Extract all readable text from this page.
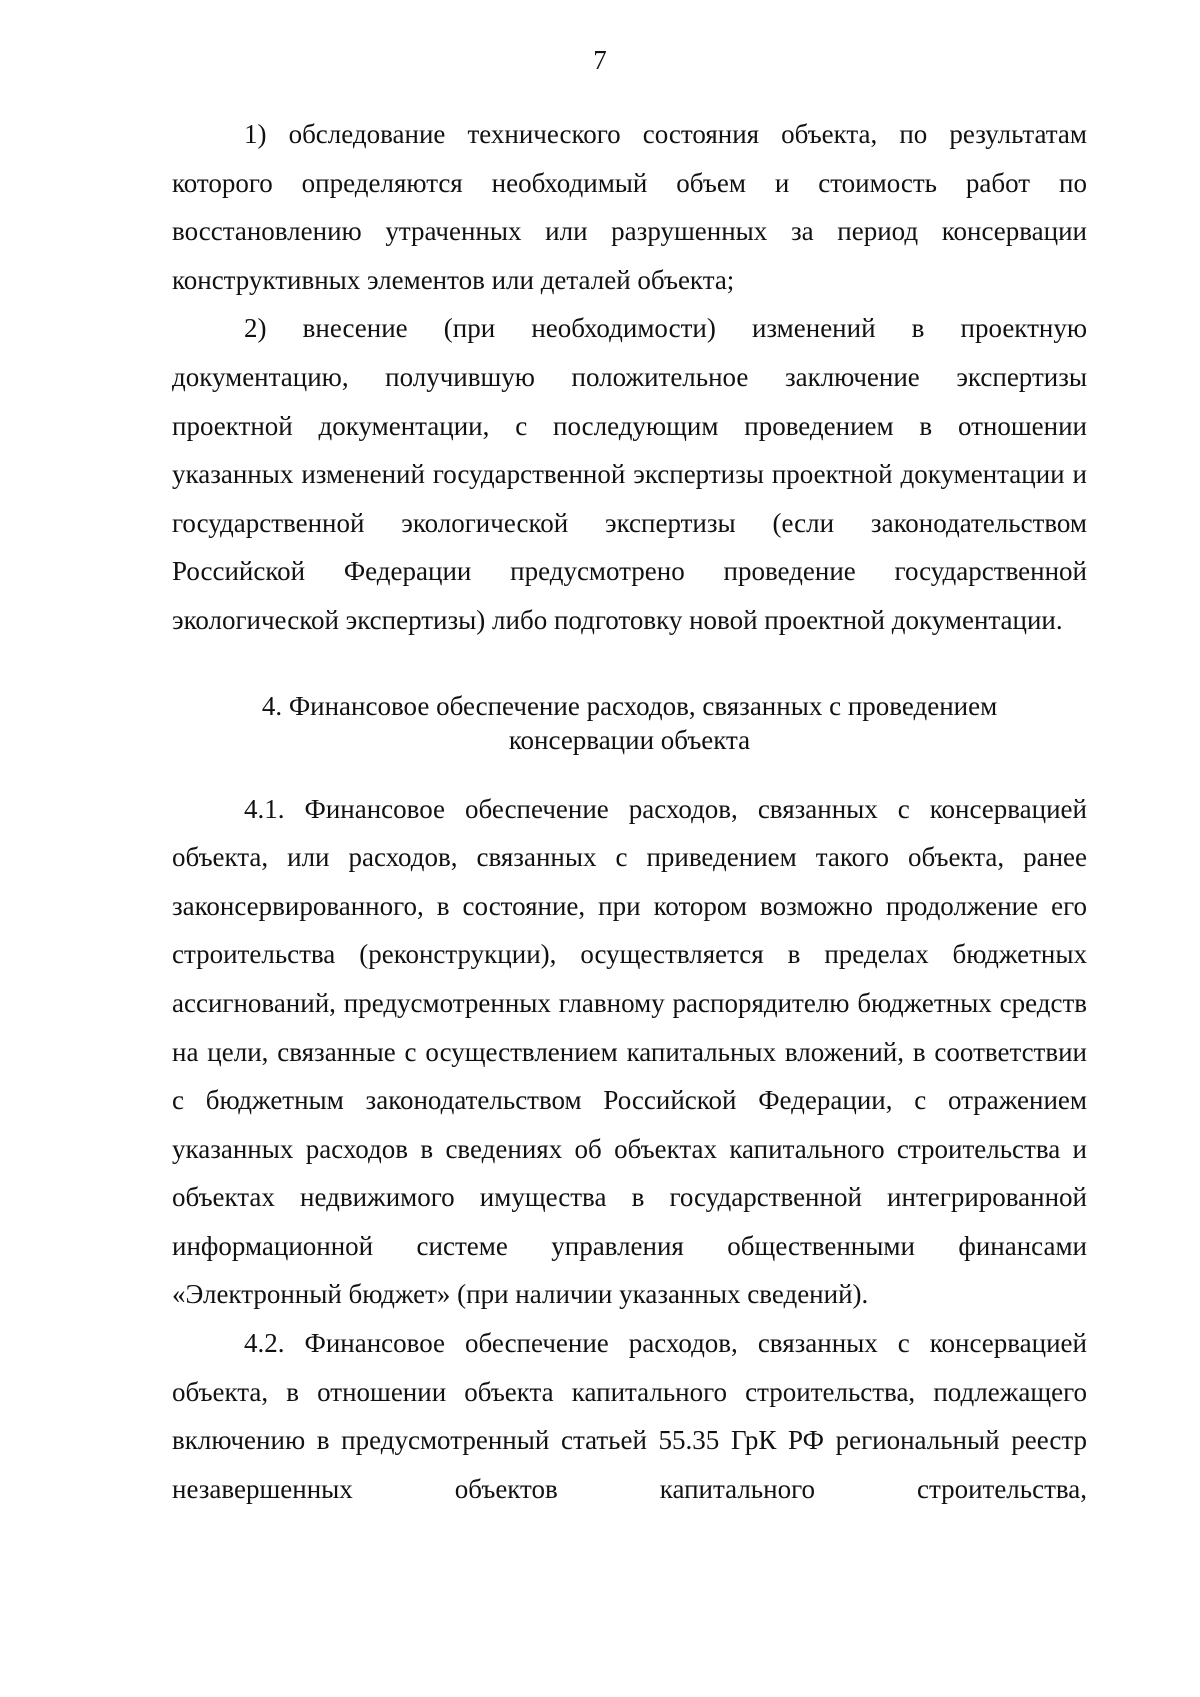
7

1) обследование технического состояния объекта, по результатам которого определяются необходимый объем и стоимость работ по восстановлению утраченных или разрушенных за период консервации конструктивных элементов или деталей объекта;

2) внесение (при необходимости) изменений в проектную документацию, получившую положительное заключение экспертизы проектной документации, с последующим проведением в отношении указанных изменений государственной экспертизы проектной документации и государственной экологической экспертизы (если законодательством Российской Федерации предусмотрено проведение государственной экологической экспертизы) либо подготовку новой проектной документации.

4. Финансовое обеспечение расходов, связанных с проведением
консервации объекта

4.1. Финансовое обеспечение расходов, связанных с консервацией объекта, или расходов, связанных с приведением такого объекта, ранее законсервированного, в состояние, при котором возможно продолжение его строительства (реконструкции), осуществляется в пределах бюджетных ассигнований, предусмотренных главному распорядителю бюджетных средств на цели, связанные с осуществлением капитальных вложений, в соответствии с бюджетным законодательством Российской Федерации, с отражением указанных расходов в сведениях об объектах капитального строительства и объектах недвижимого имущества в государственной интегрированной информационной системе управления общественными финансами «Электронный бюджет» (при наличии указанных сведений).

4.2. Финансовое обеспечение расходов, связанных с консервацией объекта, в отношении объекта капитального строительства, подлежащего включению в предусмотренный статьей 55.35 ГрК РФ региональный реестр незавершенных объектов капитального строительства,
